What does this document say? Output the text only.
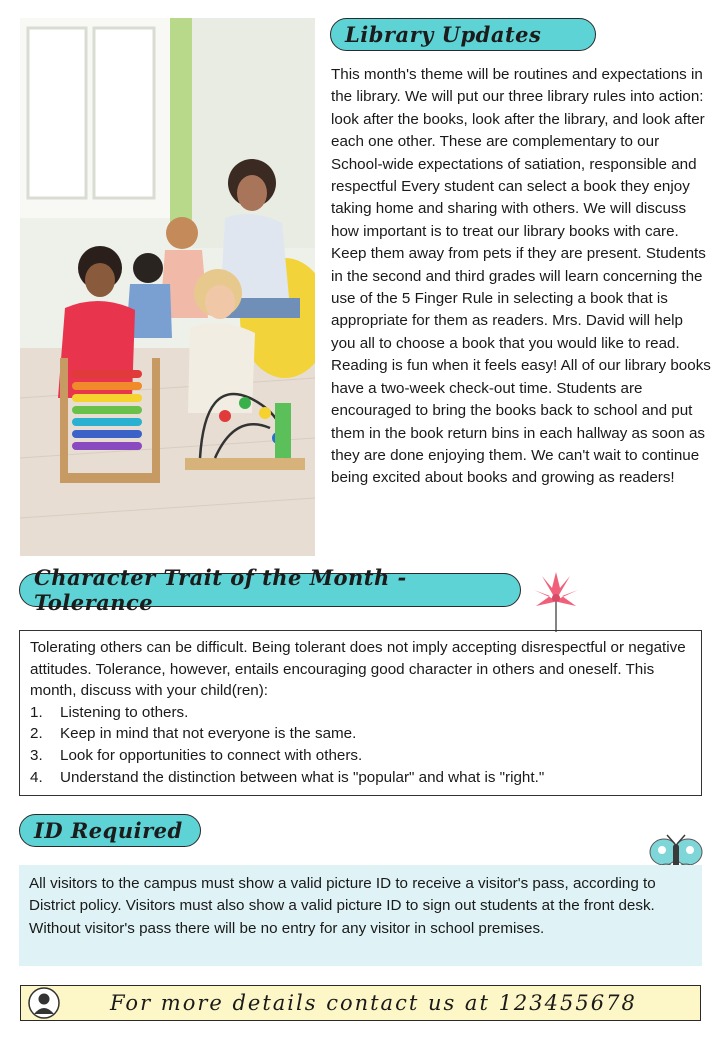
Library Updates
This month's theme will be routines and expectations in the library. We will put our three library rules into action: look after the books, look after the library, and look after each one other. These are complementary to our School-wide expectations of satiation, responsible and respectful Every student can select a book they enjoy taking home and sharing with others. We will discuss how important is to treat our library books with care. Keep them away from pets if they are present. Students in the second and third grades will learn concerning the use of the 5 Finger Rule in selecting a book that is appropriate for them as readers. Mrs. David will help you all to choose a book that you would like to read. Reading is fun when it feels easy! All of our library books have a two-week check-out time. Students are encouraged to bring the books back to school and put them in the book return bins in each hallway as soon as they are done enjoying them. We can't wait to continue being excited about books and growing as readers!
Character Trait of the Month - Tolerance
Tolerating others can be difficult. Being tolerant does not imply accepting disrespectful or negative attitudes. Tolerance, however, entails encouraging good character in others and oneself. This month, discuss with your child(ren):
1.	Listening to others.
2.	Keep in mind that not everyone is the same.
3.	Look for opportunities to connect with others.
4.	Understand the distinction between what is "popular" and what is "right."
ID Required
All visitors to the campus must show a valid picture ID to receive a visitor's pass, according to District policy. Visitors must also show a valid picture ID to sign out students at the front desk. Without visitor's pass there will be no entry for any visitor in school premises.
For more details contact us at 123455678
